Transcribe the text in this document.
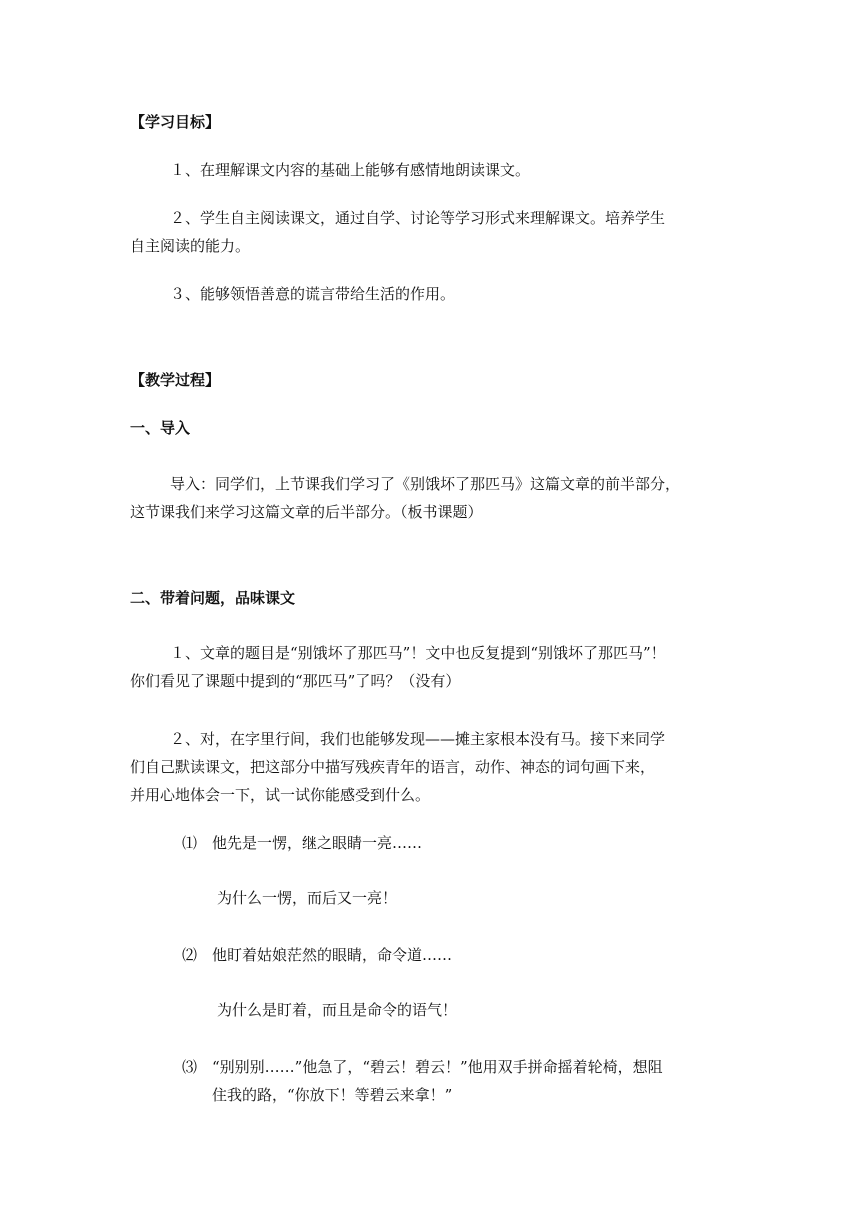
【学习目标】
１、在理解课文内容的基础上能够有感情地朗读课文。
２、学生自主阅读课文，通过自学、讨论等学习形式来理解课文。培养学生
自主阅读的能力。
３、能够领悟善意的谎言带给生活的作用。
【教学过程】
一、导入
导入：同学们，上节课我们学习了《别饿坏了那匹马》这篇文章的前半部分，
这节课我们来学习这篇文章的后半部分。（板书课题）
二、带着问题，品味课文
１、文章的题目是“别饿坏了那匹马”！文中也反复提到“别饿坏了那匹马”！
你们看见了课题中提到的“那匹马”了吗？（没有）
２、对，在字里行间，我们也能够发现——摊主家根本没有马。接下来同学
们自己默读课文，把这部分中描写残疾青年的语言，动作、神态的词句画下来，
并用心地体会一下，试一试你能感受到什么。
⑴ 他先是一愣，继之眼睛一亮……
为什么一愣，而后又一亮！
⑵ 他盯着姑娘茫然的眼睛，命令道……
为什么是盯着，而且是命令的语气！
⑶ “别别别……”他急了，“碧云！碧云！”他用双手拼命摇着轮椅，想阻
住我的路，“你放下！等碧云来拿！”
